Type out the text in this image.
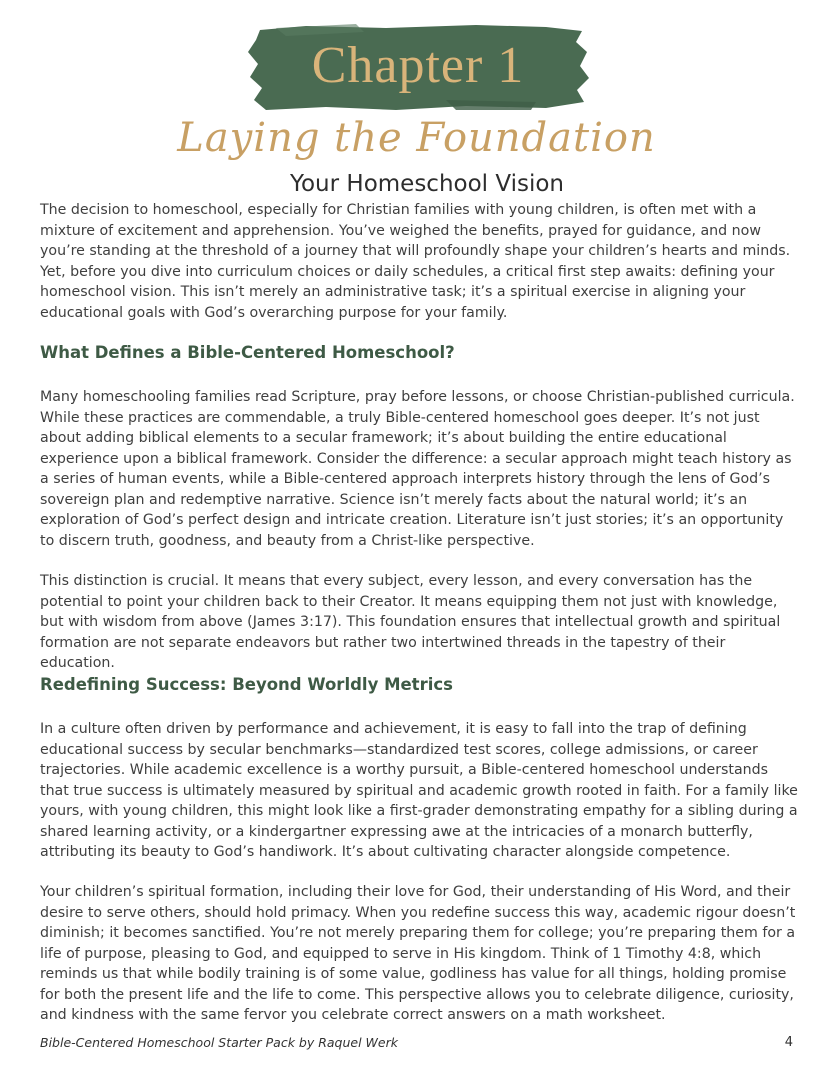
Chapter 1
Laying the Foundation
Your Homeschool Vision

The decision to homeschool, especially for Christian families with young children, is often met with a mixture of excitement and apprehension. You’ve weighed the benefits, prayed for guidance, and now you’re standing at the threshold of a journey that will profoundly shape your children’s hearts and minds. Yet, before you dive into curriculum choices or daily schedules, a critical first step awaits: defining your homeschool vision. This isn’t merely an administrative task; it’s a spiritual exercise in aligning your educational goals with God’s overarching purpose for your family.

What Defines a Bible-Centered Homeschool?

Many homeschooling families read Scripture, pray before lessons, or choose Christian-published curricula. While these practices are commendable, a truly Bible-centered homeschool goes deeper. It’s not just about adding biblical elements to a secular framework; it’s about building the entire educational experience upon a biblical framework. Consider the difference: a secular approach might teach history as a series of human events, while a Bible-centered approach interprets history through the lens of God’s sovereign plan and redemptive narrative. Science isn’t merely facts about the natural world; it’s an exploration of God’s perfect design and intricate creation. Literature isn’t just stories; it’s an opportunity to discern truth, goodness, and beauty from a Christ-like perspective.

This distinction is crucial. It means that every subject, every lesson, and every conversation has the potential to point your children back to their Creator. It means equipping them not just with knowledge, but with wisdom from above (James 3:17). This foundation ensures that intellectual growth and spiritual formation are not separate endeavors but rather two intertwined threads in the tapestry of their education.

Redefining Success: Beyond Worldly Metrics

In a culture often driven by performance and achievement, it is easy to fall into the trap of defining educational success by secular benchmarks—standardized test scores, college admissions, or career trajectories. While academic excellence is a worthy pursuit, a Bible-centered homeschool understands that true success is ultimately measured by spiritual and academic growth rooted in faith. For a family like yours, with young children, this might look like a first-grader demonstrating empathy for a sibling during a shared learning activity, or a kindergartner expressing awe at the intricacies of a monarch butterfly, attributing its beauty to God’s handiwork. It’s about cultivating character alongside competence.

Your children’s spiritual formation, including their love for God, their understanding of His Word, and their desire to serve others, should hold primacy. When you redefine success this way, academic rigour doesn’t diminish; it becomes sanctified. You’re not merely preparing them for college; you’re preparing them for a life of purpose, pleasing to God, and equipped to serve in His kingdom. Think of 1 Timothy 4:8, which reminds us that while bodily training is of some value, godliness has value for all things, holding promise for both the present life and the life to come. This perspective allows you to celebrate diligence, curiosity, and kindness with the same fervor you celebrate correct answers on a math worksheet.

Bible-Centered Homeschool Starter Pack by Raquel Werk	4
